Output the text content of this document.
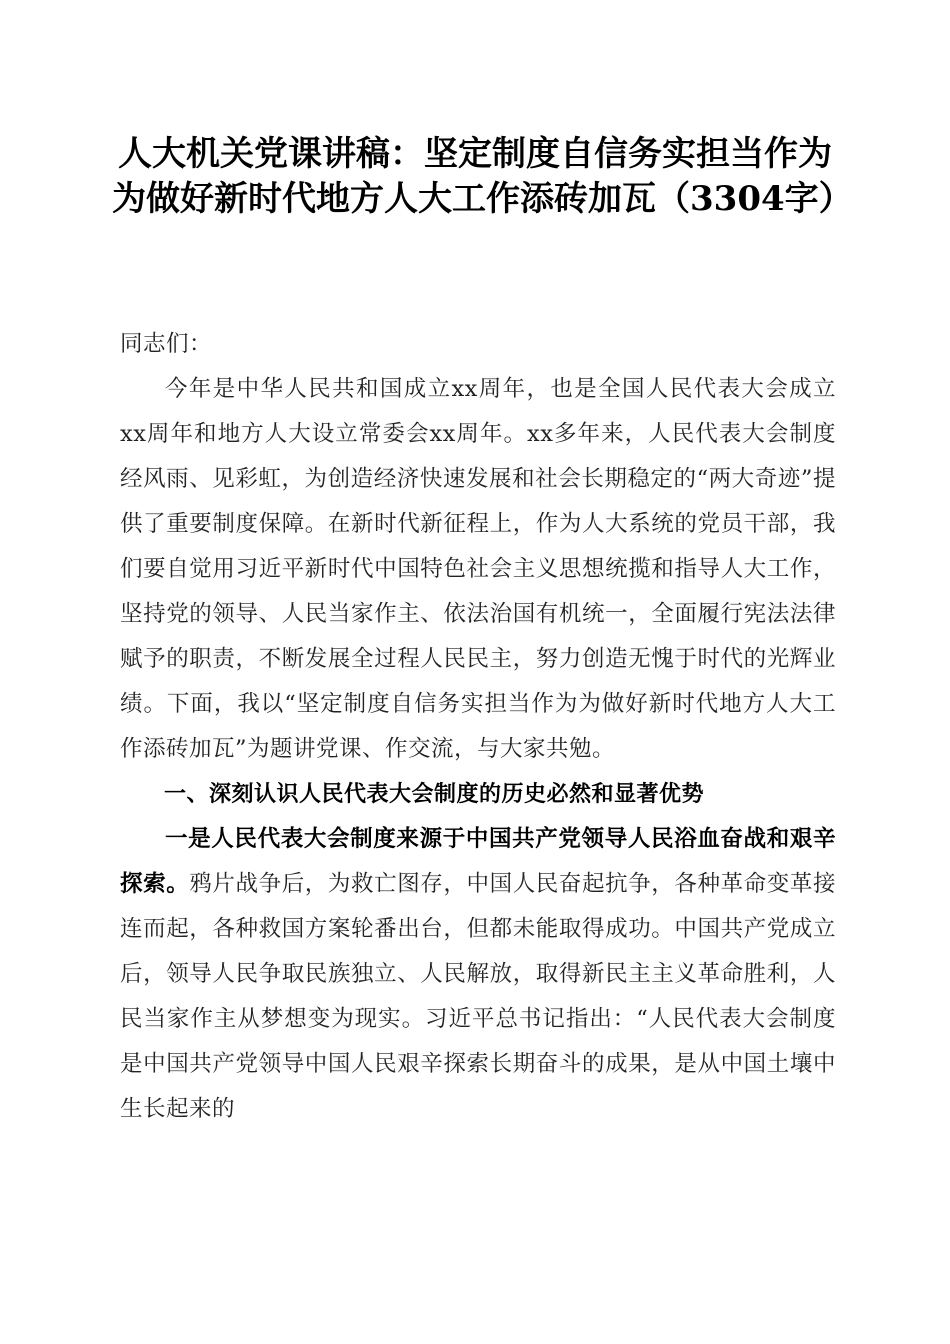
人大机关党课讲稿：坚定制度自信务实担当作为为做好新时代地方人大工作添砖加瓦（3304字）

同志们：

今年是中华人民共和国成立xx周年，也是全国人民代表大会成立xx周年和地方人大设立常委会xx周年。xx多年来，人民代表大会制度经风雨、见彩虹，为创造经济快速发展和社会长期稳定的“两大奇迹”提供了重要制度保障。在新时代新征程上，作为人大系统的党员干部，我们要自觉用习近平新时代中国特色社会主义思想统揽和指导人大工作，坚持党的领导、人民当家作主、依法治国有机统一，全面履行宪法法律赋予的职责，不断发展全过程人民民主，努力创造无愧于时代的光辉业绩。下面，我以“坚定制度自信务实担当作为为做好新时代地方人大工作添砖加瓦”为题讲党课、作交流，与大家共勉。

一、深刻认识人民代表大会制度的历史必然和显著优势

一是人民代表大会制度来源于中国共产党领导人民浴血奋战和艰辛探索。鸦片战争后，为救亡图存，中国人民奋起抗争，各种革命变革接连而起，各种救国方案轮番出台，但都未能取得成功。中国共产党成立后，领导人民争取民族独立、人民解放，取得新民主主义革命胜利，人民当家作主从梦想变为现实。习近平总书记指出：“人民代表大会制度是中国共产党领导中国人民艰辛探索长期奋斗的成果，是从中国土壤中生长起来的
